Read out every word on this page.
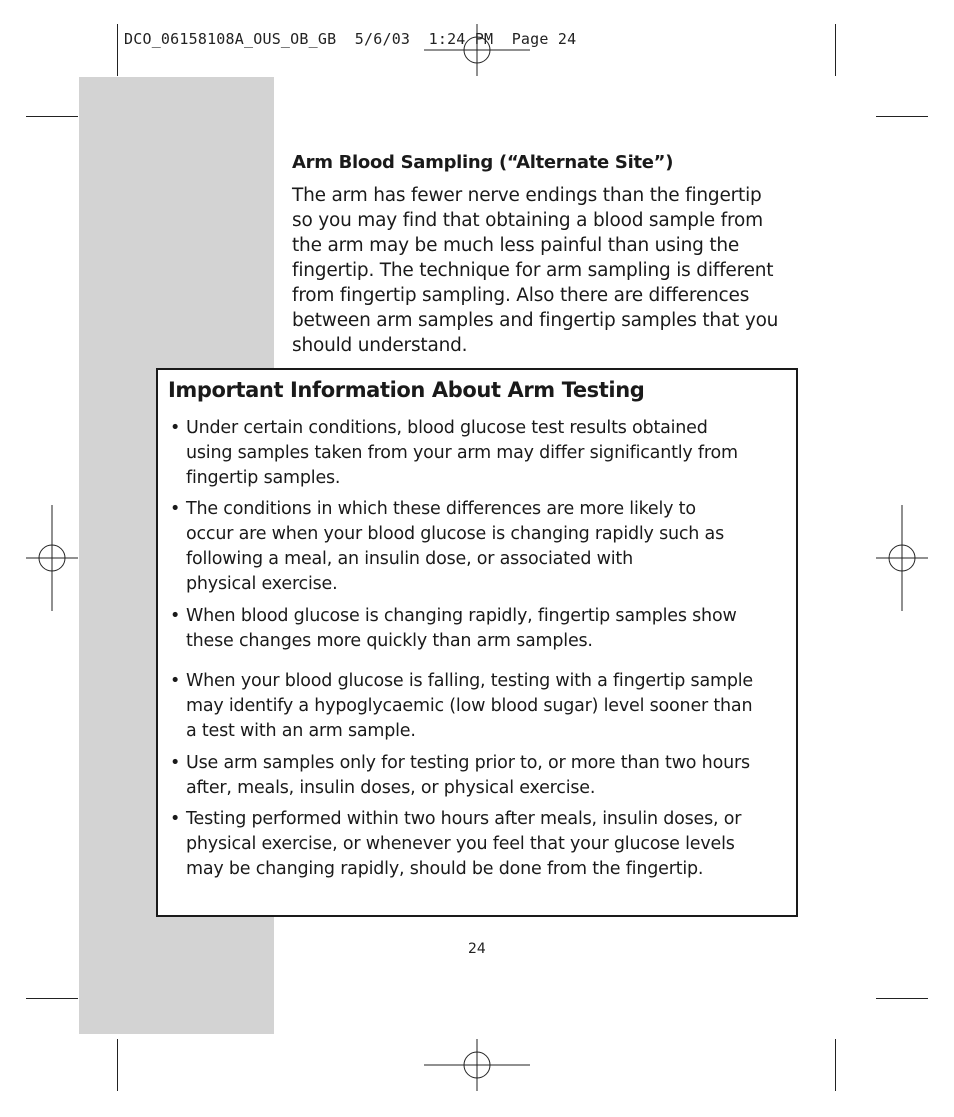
DCO_06158108A_OUS_OB_GB  5/6/03  1:24 PM  Page 24
Arm Blood Sampling (“Alternate Site”)

The arm has fewer nerve endings than the fingertip
so you may find that obtaining a blood sample from
the arm may be much less painful than using the
fingertip. The technique for arm sampling is different
from fingertip sampling. Also there are differences
between arm samples and fingertip samples that you
should understand.

Important Information About Arm Testing
• Under certain conditions, blood glucose test results obtained
using samples taken from your arm may differ significantly from
fingertip samples.
• The conditions in which these differences are more likely to
occur are when your blood glucose is changing rapidly such as
following a meal, an insulin dose, or associated with
physical exercise.
• When blood glucose is changing rapidly, fingertip samples show
these changes more quickly than arm samples.
• When your blood glucose is falling, testing with a fingertip sample
may identify a hypoglycaemic (low blood sugar) level sooner than
a test with an arm sample.
• Use arm samples only for testing prior to, or more than two hours
after, meals, insulin doses, or physical exercise.
• Testing performed within two hours after meals, insulin doses, or
physical exercise, or whenever you feel that your glucose levels
may be changing rapidly, should be done from the fingertip.
24
